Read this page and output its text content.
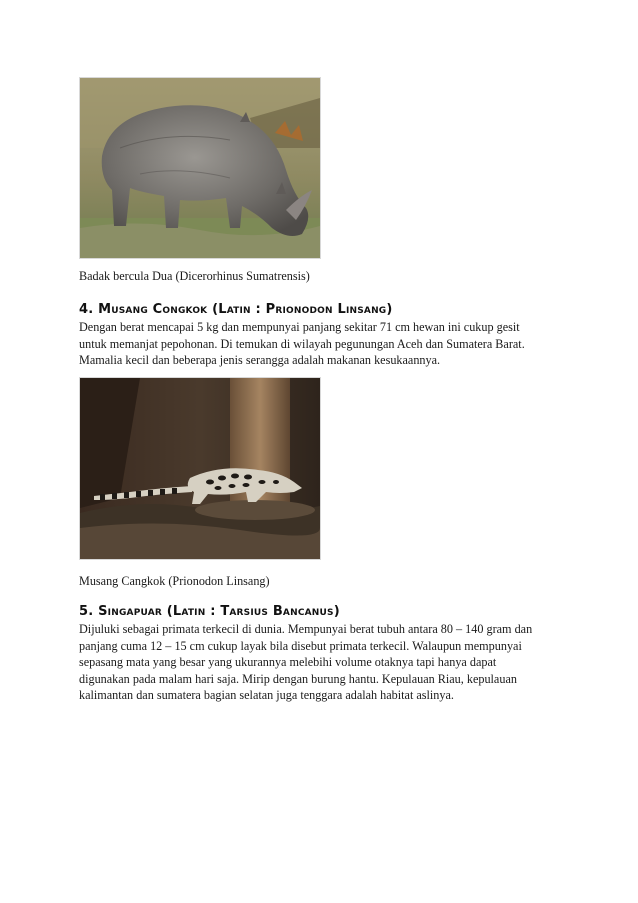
Badak bercula Dua (Dicerorhinus Sumatrensis)
4. Musang Congkok (Latin : Prionodon Linsang)

Dengan berat mencapai 5 kg dan mempunyai panjang sekitar 71 cm hewan ini cukup gesit
untuk memanjat pepohonan. Di temukan di wilayah pegunungan Aceh dan Sumatera Barat.
Mamalia kecil dan beberapa jenis serangga adalah makanan kesukaannya.

Musang Cangkok (Prionodon Linsang)
5. Singapuar (Latin : Tarsius Bancanus)

Dijuluki sebagai primata terkecil di dunia. Mempunyai berat tubuh antara 80 – 140 gram dan
panjang cuma 12 – 15 cm cukup layak bila disebut primata terkecil. Walaupun mempunyai
sepasang mata yang besar yang ukurannya melebihi volume otaknya tapi hanya dapat
digunakan pada malam hari saja. Mirip dengan burung hantu. Kepulauan Riau, kepulauan
kalimantan dan sumatera bagian selatan juga tenggara adalah habitat aslinya.
